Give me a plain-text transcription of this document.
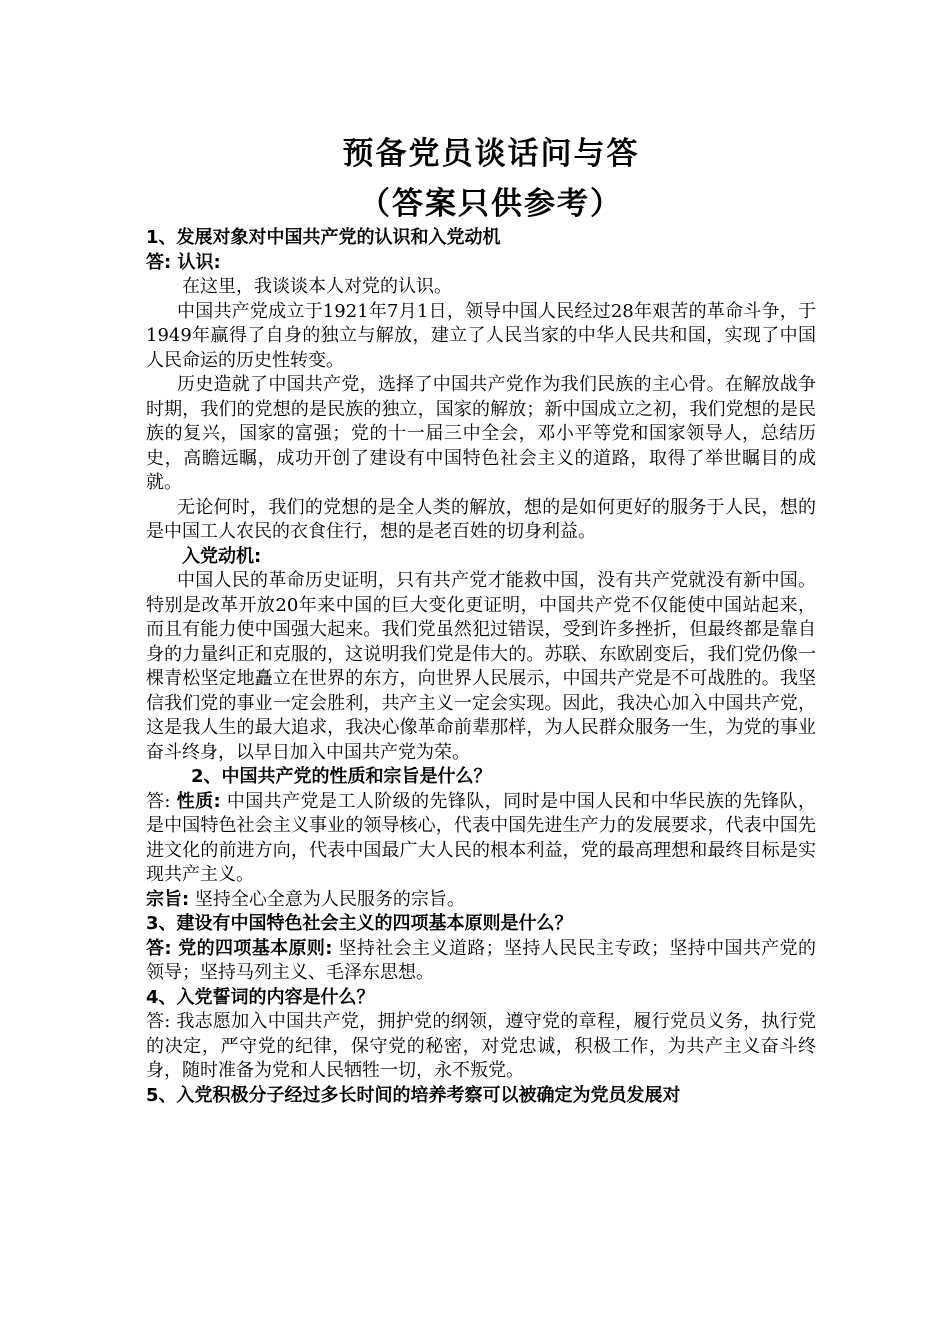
预备党员谈话问与答
（答案只供参考）

1、发展对象对中国共产党的认识和入党动机

答: 认识:

在这里，我谈谈本人对党的认识。

中国共产党成立于1921年7月1日，领导中国人民经过28年艰苦的革命斗争，于1949年赢得了自身的独立与解放，建立了人民当家的中华人民共和国，实现了中国人民命运的历史性转变。

历史造就了中国共产党，选择了中国共产党作为我们民族的主心骨。在解放战争时期，我们的党想的是民族的独立，国家的解放；新中国成立之初，我们党想的是民族的复兴，国家的富强；党的十一届三中全会，邓小平等党和国家领导人，总结历史，高瞻远瞩，成功开创了建设有中国特色社会主义的道路，取得了举世瞩目的成就。

无论何时，我们的党想的是全人类的解放，想的是如何更好的服务于人民，想的是中国工人农民的衣食住行，想的是老百姓的切身利益。

入党动机:

中国人民的革命历史证明，只有共产党才能救中国，没有共产党就没有新中国。特别是改革开放20年来中国的巨大变化更证明，中国共产党不仅能使中国站起来，而且有能力使中国强大起来。我们党虽然犯过错误，受到许多挫折，但最终都是靠自身的力量纠正和克服的，这说明我们党是伟大的。苏联、东欧剧变后，我们党仍像一棵青松坚定地矗立在世界的东方，向世界人民展示，中国共产党是不可战胜的。我坚信我们党的事业一定会胜利，共产主义一定会实现。因此，我决心加入中国共产党，这是我人生的最大追求，我决心像革命前辈那样，为人民群众服务一生，为党的事业奋斗终身，以早日加入中国共产党为荣。

2、中国共产党的性质和宗旨是什么？

答: 性质: 中国共产党是工人阶级的先锋队，同时是中国人民和中华民族的先锋队，是中国特色社会主义事业的领导核心，代表中国先进生产力的发展要求，代表中国先进文化的前进方向，代表中国最广大人民的根本利益，党的最高理想和最终目标是实现共产主义。

宗旨: 坚持全心全意为人民服务的宗旨。

3、建设有中国特色社会主义的四项基本原则是什么？

答: 党的四项基本原则: 坚持社会主义道路；坚持人民民主专政；坚持中国共产党的领导；坚持马列主义、毛泽东思想。

4、入党誓词的内容是什么？

答: 我志愿加入中国共产党，拥护党的纲领，遵守党的章程，履行党员义务，执行党的决定，严守党的纪律，保守党的秘密，对党忠诚，积极工作，为共产主义奋斗终身，随时准备为党和人民牺牲一切，永不叛党。

5、入党积极分子经过多长时间的培养考察可以被确定为党员发展对
